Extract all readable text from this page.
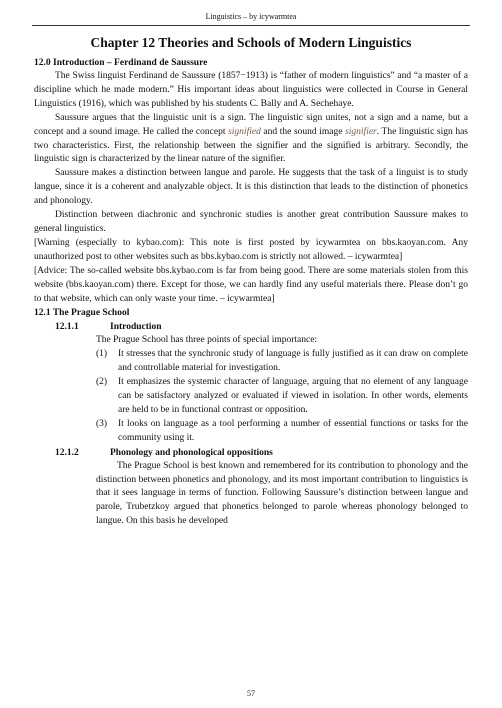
Linguistics – by icywarmtea
Chapter 12 Theories and Schools of Modern Linguistics
12.0 Introduction – Ferdinand de Saussure

The Swiss linguist Ferdinand de Saussure (1857−1913) is “father of modern linguistics” and “a master of a discipline which he made modern.” His important ideas about linguistics were collected in Course in General Linguistics (1916), which was published by his students C. Bally and A. Sechehaye.

Saussure argues that the linguistic unit is a sign. The linguistic sign unites, not a sign and a name, but a concept and a sound image. He called the concept signified and the sound image signifier. The linguistic sign has two characteristics. First, the relationship between the signifier and the signified is arbitrary. Secondly, the linguistic sign is characterized by the linear nature of the signifier.

Saussure makes a distinction between langue and parole. He suggests that the task of a linguist is to study langue, since it is a coherent and analyzable object. It is this distinction that leads to the distinction of phonetics and phonology.

Distinction between diachronic and synchronic studies is another great contribution Saussure makes to general linguistics.

[Warning (especially to kybao.com): This note is first posted by icywarmtea on bbs.kaoyan.com. Any unauthorized post to other websites such as bbs.kybao.com is strictly not allowed. – icywarmtea]

[Advice: The so-called website bbs.kybao.com is far from being good. There are some materials stolen from this website (bbs.kaoyan.com) there. Except for those, we can hardly find any useful materials there. Please don’t go to that website, which can only waste your time. – icywarmtea]

12.1 The Prague School
12.1.1	Introduction

The Prague School has three points of special importance:

(1)	It stresses that the synchronic study of language is fully justified as it can draw on complete and controllable material for investigation.
(2)	It emphasizes the systemic character of language, arguing that no element of any language can be satisfactory analyzed or evaluated if viewed in isolation. In other words, elements are held to be in functional contrast or opposition.
(3)	It looks on language as a tool performing a number of essential functions or tasks for the community using it.
12.1.2	Phonology and phonological oppositions

The Prague School is best known and remembered for its contribution to phonology and the distinction between phonetics and phonology, and its most important contribution to linguistics is that it sees language in terms of function. Following Saussure’s distinction between langue and parole, Trubetzkoy argued that phonetics belonged to parole whereas phonology belonged to langue. On this basis he developed

57
